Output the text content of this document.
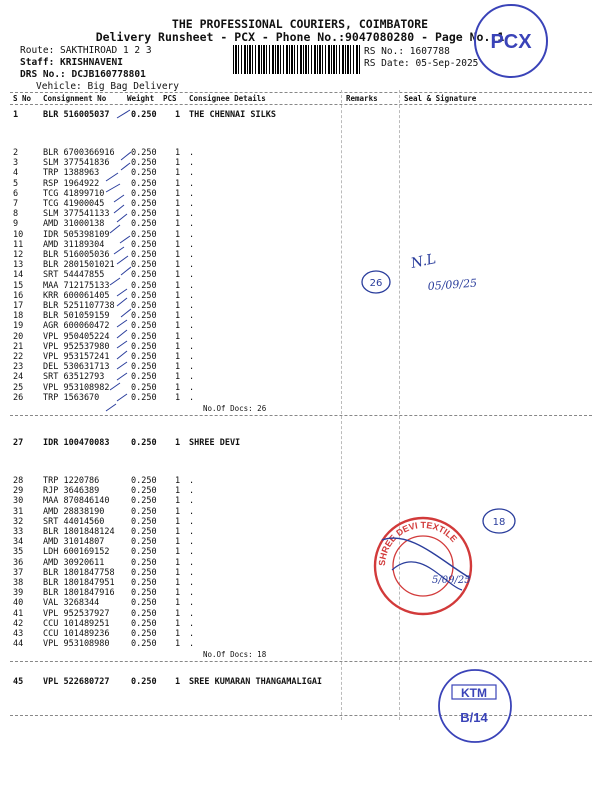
THE PROFESSIONAL COURIERS, COIMBATORE
Delivery Runsheet - PCX - Phone No.:9047080280 - Page No.:1
Route: SAKTHIROAD 1 2 3
Staff: KRISHNAVENI
DRS No.: DCJB160778801
Vehicle: Big Bag Delivery
RS No.: 1607788
RS Date: 05-Sep-2025
S No Consignment No	Weight PCS Consignee Details	Remarks	Seal & Signature
1	BLR 516005037	0.250 1 THE CHENNAI SILKS
2	BLR 6700366916 0.250 1 .
3	SLM 377541836	0.250 1 .
4	TRP 1388963	0.250 1 .
5	RSP 1964922	0.250 1 .
6	TCG 41899710	0.250 1 .
7	TCG 41900045	0.250 1 .
8	SLM 377541133	0.250 1 .
9	AMD 31000138	0.250 1 .
10 IDR 505398109	0.250 1 .
11 AMD 31189304	0.250 1 .
12 BLR 516005036	0.250 1 .
13 BLR 2801501021 0.250 1 .
14 SRT 54447855	0.250 1 .
15 MAA 712175133	0.250 1 .
16 KRR 600061405	0.250 1 .
17 BLR 5251107738 0.250 1 .
18 BLR 501059159	0.250 1 .
19 AGR 600060472	0.250 1 .
20 VPL 950405224	0.250 1 .
21 VPL 952537980	0.250 1 .
22 VPL 953157241	0.250 1 .
23 DEL 530631713	0.250 1 .
24 SRT 63512793	0.250 1 .
25 VPL 953108982	0.250 1 .
26 TRP 1563670	0.250 1 .
No.Of Docs: 26
27 IDR 100470083	0.250 1 SHREE DEVI
28 TRP 1220786	0.250 1 .
29 RJP 3646389	0.250 1 .
30 MAA 870846140	0.250 1 .
31 AMD 28838190	0.250 1 .
32 SRT 44014560	0.250 1 .
33 BLR 1801848124 0.250 1 .
34 AMD 31014807	0.250 1 .
35 LDH 600169152	0.250 1 .
36 AMD 30920611	0.250 1 .
37 BLR 1801847758 0.250 1 .
38 BLR 1801847951 0.250 1 .
39 BLR 1801847916 0.250 1 .
40 VAL 3268344	0.250 1 .
41 VPL 952537927	0.250 1 .
42 CCU 101489251	0.250 1 .
43 CCU 101489236	0.250 1 .
44 VPL 953108980	0.250 1 .
No.Of Docs: 18
45 VPL 522680727	0.250 1 SREE KUMARAN THANGAMALIGAI
PCX
26
N.L
05/09/25
18
SHREE DEVI TEXTILE
5/09/25
KTM
B/14
